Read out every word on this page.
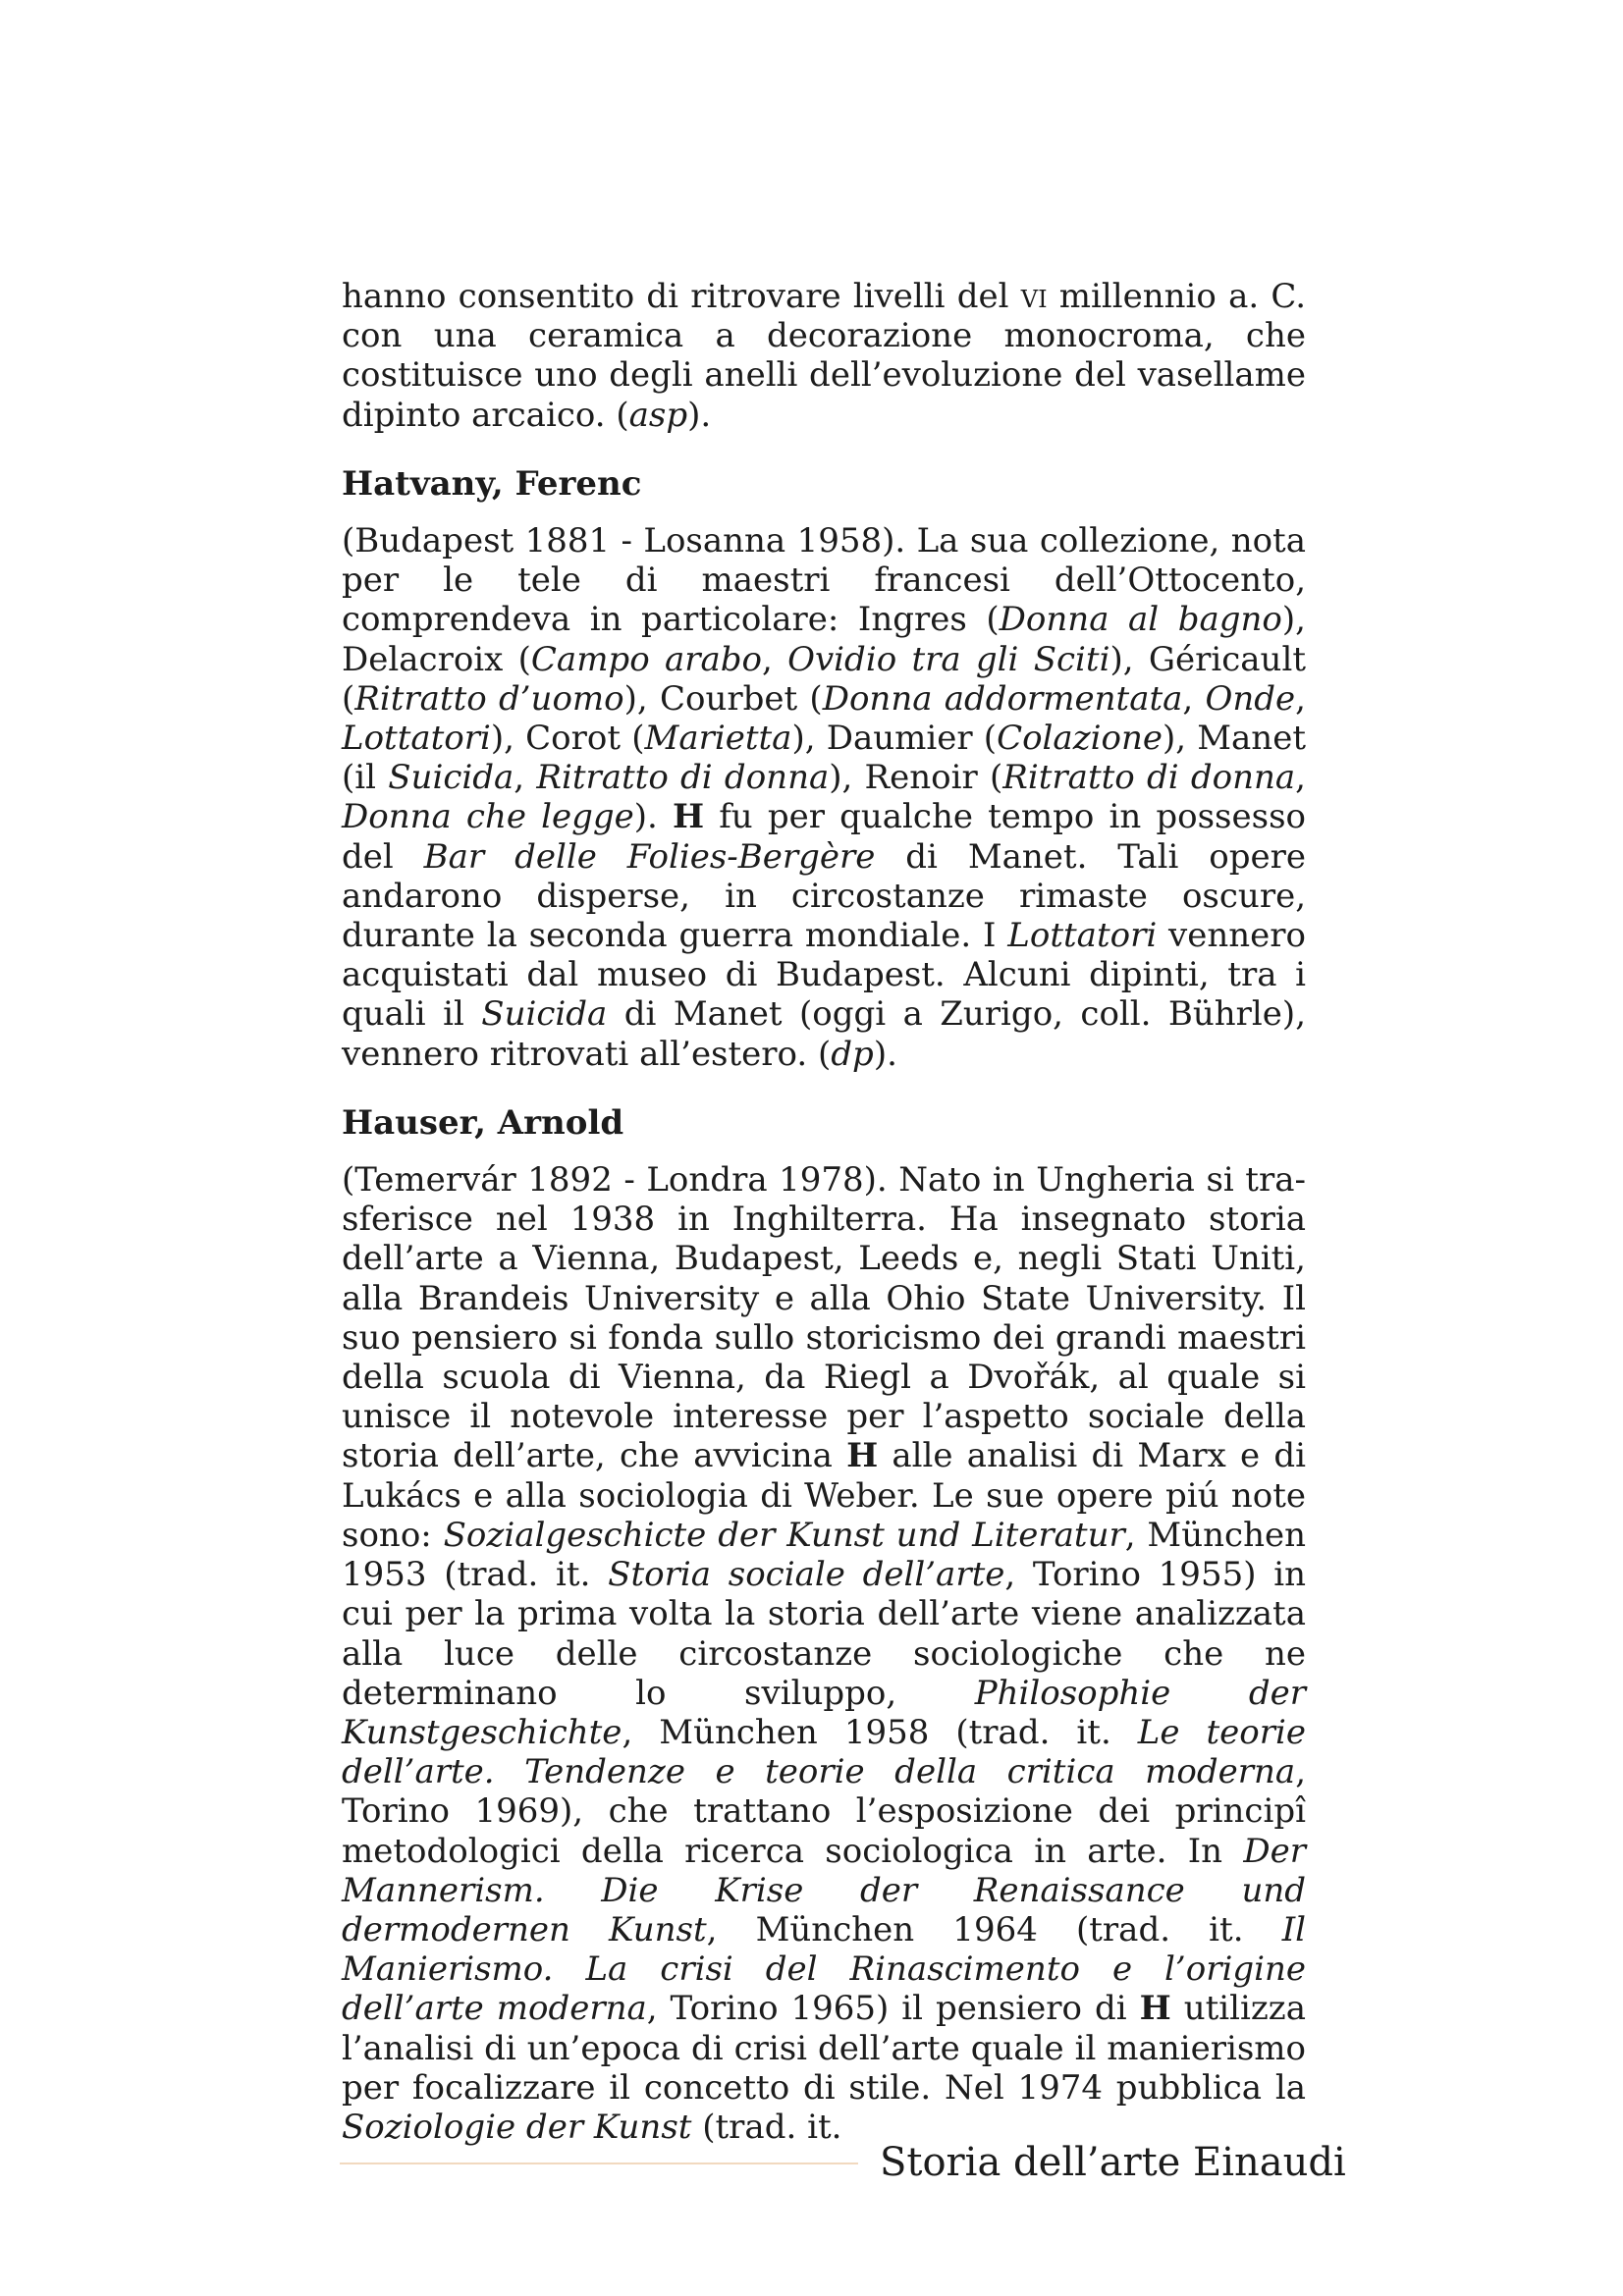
hanno consentito di ritrovare livelli del vi millennio a. C. con una ceramica a decorazione monocroma, che costituisce uno degli anelli dell’evoluzione del vasellame dipinto arcaico. (asp).

Hatvany, Ferenc

(Budapest 1881 - Losanna 1958). La sua collezione, nota per le tele di maestri francesi dell’Ottocento, comprendeva in particolare: Ingres (Donna al bagno), Delacroix (Campo arabo, Ovidio tra gli Sciti), Géricault (Ritratto d’uomo), Courbet (Donna addormentata, Onde, Lottatori), Corot (Marietta), Daumier (Colazione), Manet (il Suicida, Ritratto di donna), Renoir (Ritratto di donna, Donna che legge). H fu per qualche tempo in possesso del Bar delle Folies-Bergère di Manet. Tali opere andarono disperse, in circostanze rimaste oscure, durante la seconda guerra mondiale. I Lottatori vennero acquistati dal museo di Budapest. Alcuni dipinti, tra i quali il Suicida di Manet (oggi a Zurigo, coll. Bührle), vennero ritrovati all’estero. (dp).

Hauser, Arnold

(Temervár 1892 - Londra 1978). Nato in Ungheria si trasferisce nel 1938 in Inghilterra. Ha insegnato storia dell’arte a Vienna, Budapest, Leeds e, negli Stati Uniti, alla Brandeis University e alla Ohio State University. Il suo pensiero si fonda sullo storicismo dei grandi maestri della scuola di Vienna, da Riegl a Dvořák, al quale si unisce il notevole interesse per l’aspetto sociale della storia dell’arte, che avvicina H alle analisi di Marx e di Lukács e alla sociologia di Weber. Le sue opere piú note sono: Sozialgeschicte der Kunst und Literatur, München 1953 (trad. it. Storia sociale dell’arte, Torino 1955) in cui per la prima volta la storia dell’arte viene analizzata alla luce delle circostanze sociologiche che ne determinano lo sviluppo, Philosophie der Kunstgeschichte, München 1958 (trad. it. Le teorie dell’arte. Tendenze e teorie della critica moderna, Torino 1969), che trattano l’esposizione dei principî metodologici della ricerca sociologica in arte. In Der Mannerism. Die Krise der Renaissance und dermodernen Kunst, München 1964 (trad. it. Il Manierismo. La crisi del Rinascimento e l’origine dell’arte moderna, Torino 1965) il pensiero di H utilizza l’analisi di un’epoca di crisi dell’arte quale il manierismo per focalizzare il concetto di stile. Nel 1974 pubblica la Soziologie der Kunst (trad. it.

Storia dell’arte Einaudi
